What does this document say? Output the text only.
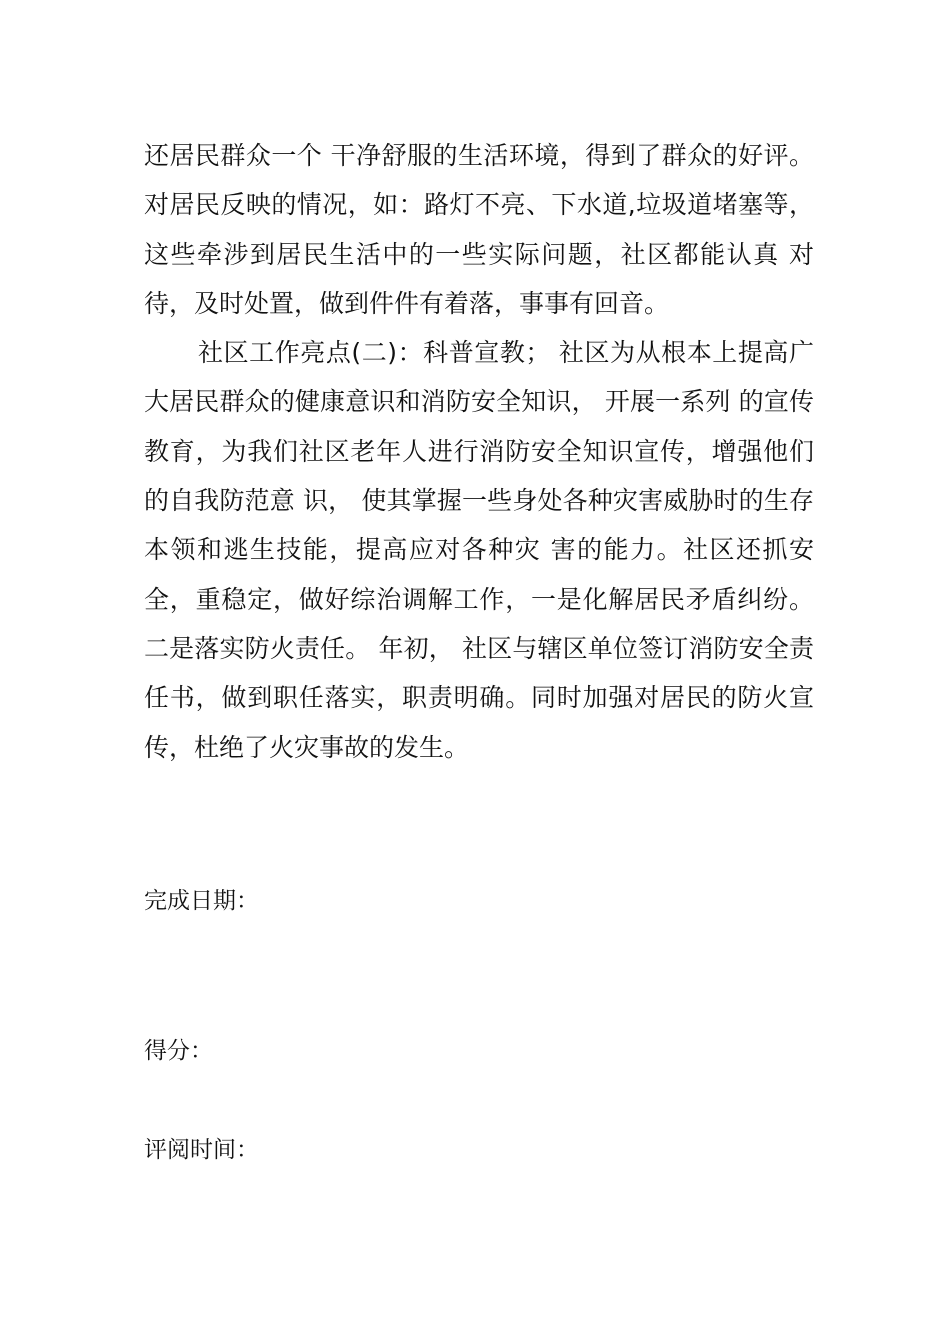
还居民群众一个 干净舒服的生活环境，得到了群众的好评。对居民反映的情况，如：路灯不亮、下水道,垃圾道堵塞等，这些牵涉到居民生活中的一些实际问题，社区都能认真 对待，及时处置，做到件件有着落，事事有回音。

社区工作亮点(二)：科普宣教； 社区为从根本上提高广大居民群众的健康意识和消防安全知识， 开展一系列 的宣传教育，为我们社区老年人进行消防安全知识宣传，增强他们的自我防范意 识， 使其掌握一些身处各种灾害威胁时的生存本领和逃生技能，提高应对各种灾 害的能力。社区还抓安全，重稳定，做好综治调解工作，一是化解居民矛盾纠纷。 二是落实防火责任。 年初， 社区与辖区单位签订消防安全责任书，做到职任落实，职责明确。同时加强对居民的防火宣传，杜绝了火灾事故的发生。

完成日期：
得分：
评阅时间：
